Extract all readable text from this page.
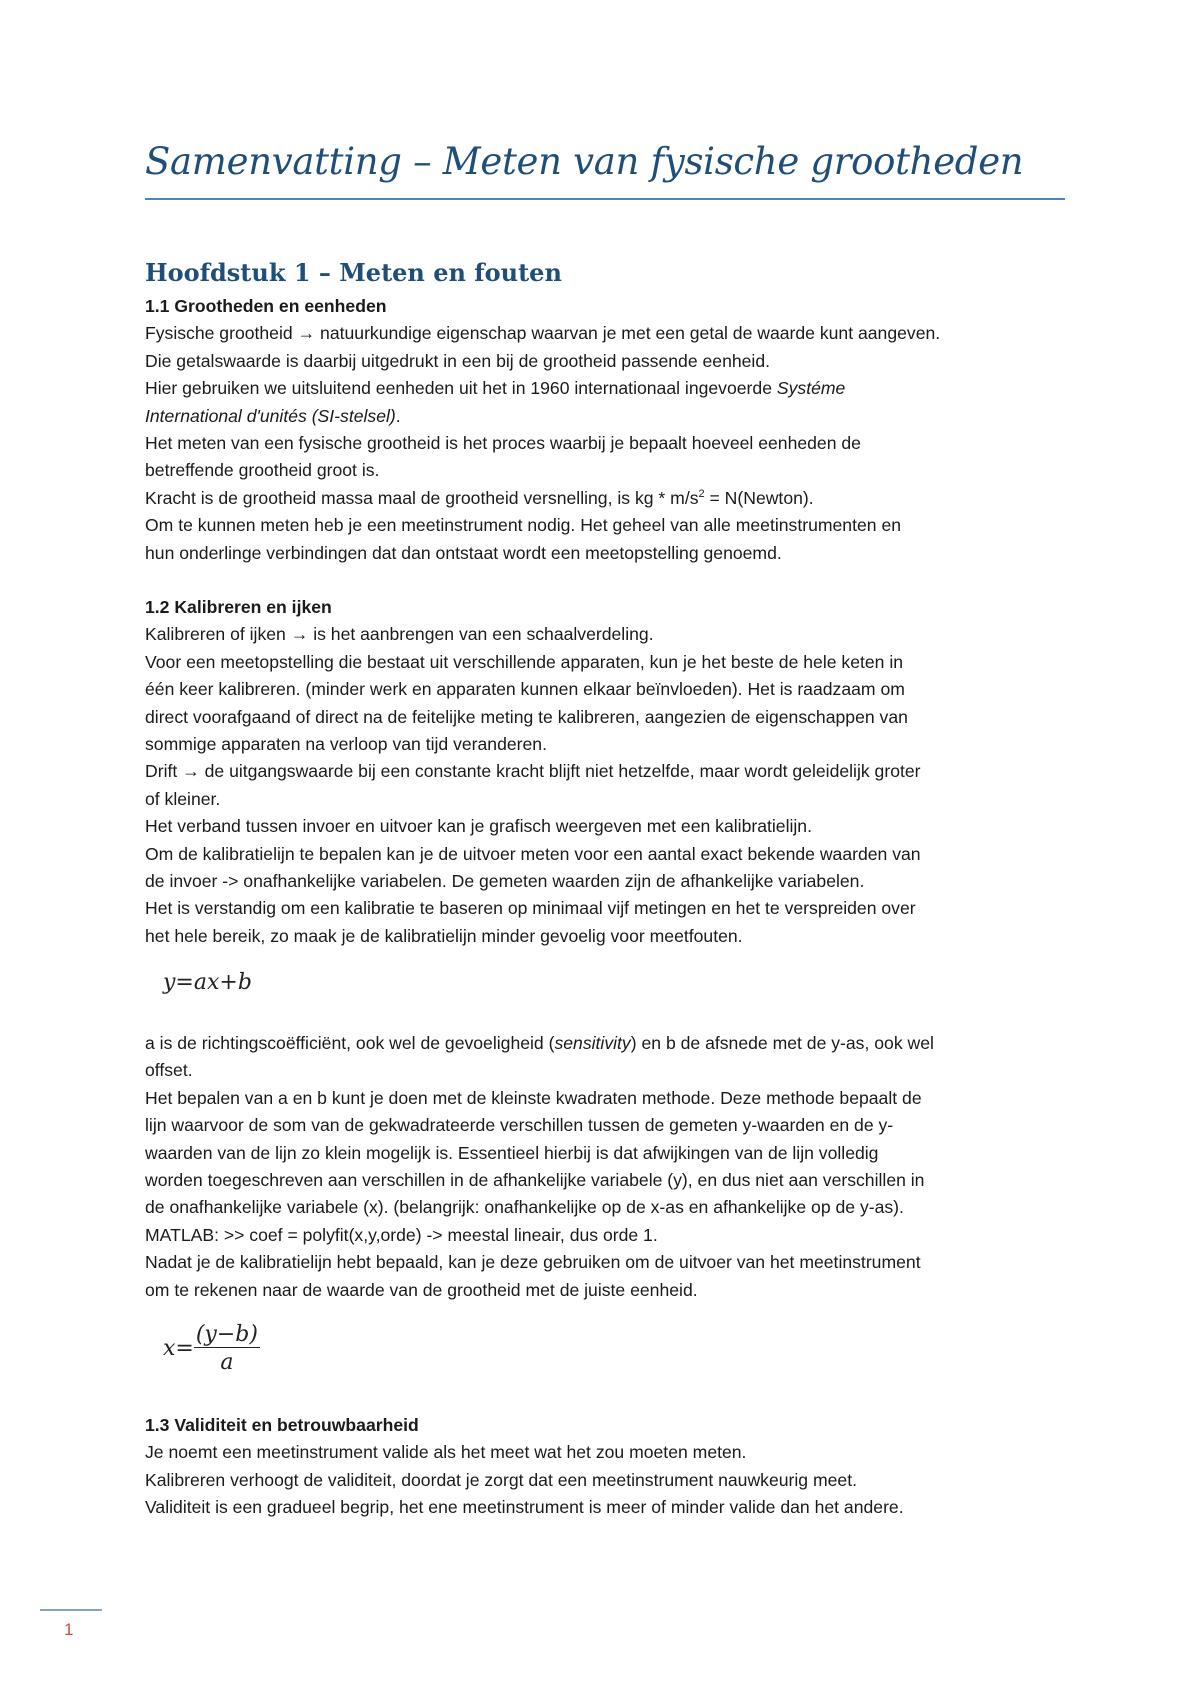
Samenvatting – Meten van fysische grootheden
Hoofdstuk 1 – Meten en fouten

1.1 Grootheden en eenheden

Fysische grootheid → natuurkundige eigenschap waarvan je met een getal de waarde kunt aangeven.

Die getalswaarde is daarbij uitgedrukt in een bij de grootheid passende eenheid.

Hier gebruiken we uitsluitend eenheden uit het in 1960 internationaal ingevoerde Systéme

International d'unités (SI-stelsel).

Het meten van een fysische grootheid is het proces waarbij je bepaalt hoeveel eenheden de

betreffende grootheid groot is.

Kracht is de grootheid massa maal de grootheid versnelling, is kg * $m/s^2$ = N(Newton).

Om te kunnen meten heb je een meetinstrument nodig. Het geheel van alle meetinstrumenten en

hun onderlinge verbindingen dat dan ontstaat wordt een meetopstelling genoemd.

1.2 Kalibreren en ijken

Kalibreren of ijken → is het aanbrengen van een schaalverdeling.

Voor een meetopstelling die bestaat uit verschillende apparaten, kun je het beste de hele keten in

één keer kalibreren. (minder werk en apparaten kunnen elkaar beïnvloeden). Het is raadzaam om

direct voorafgaand of direct na de feitelijke meting te kalibreren, aangezien de eigenschappen van

sommige apparaten na verloop van tijd veranderen.

Drift → de uitgangswaarde bij een constante kracht blijft niet hetzelfde, maar wordt geleidelijk groter

of kleiner.

Het verband tussen invoer en uitvoer kan je grafisch weergeven met een kalibratielijn.

Om de kalibratielijn te bepalen kan je de uitvoer meten voor een aantal exact bekende waarden van

de invoer -> onafhankelijke variabelen. De gemeten waarden zijn de afhankelijke variabelen.

Het is verstandig om een kalibratie te baseren op minimaal vijf metingen en het te verspreiden over

het hele bereik, zo maak je de kalibratielijn minder gevoelig voor meetfouten.

y=ax+b

a is de richtingscoëfficiënt, ook wel de gevoeligheid (sensitivity) en b de afsnede met de y-as, ook wel

offset.

Het bepalen van a en b kunt je doen met de kleinste kwadraten methode. Deze methode bepaalt de

lijn waarvoor de som van de gekwadrateerde verschillen tussen de gemeten y-waarden en de y-

waarden van de lijn zo klein mogelijk is. Essentieel hierbij is dat afwijkingen van de lijn volledig

worden toegeschreven aan verschillen in de afhankelijke variabele (y), en dus niet aan verschillen in

de onafhankelijke variabele (x). (belangrijk: onafhankelijke op de x-as en afhankelijke op de y-as).

MATLAB: >> coef = polyfit(x,y,orde) -> meestal lineair, dus orde 1.

Nadat je de kalibratielijn hebt bepaald, kan je deze gebruiken om de uitvoer van het meetinstrument

om te rekenen naar de waarde van de grootheid met de juiste eenheid.

$x= \frac{(y-b)}{a}$

1.3 Validiteit en betrouwbaarheid

Je noemt een meetinstrument valide als het meet wat het zou moeten meten.

Kalibreren verhoogt de validiteit, doordat je zorgt dat een meetinstrument nauwkeurig meet.

Validiteit is een gradueel begrip, het ene meetinstrument is meer of minder valide dan het andere.

1
